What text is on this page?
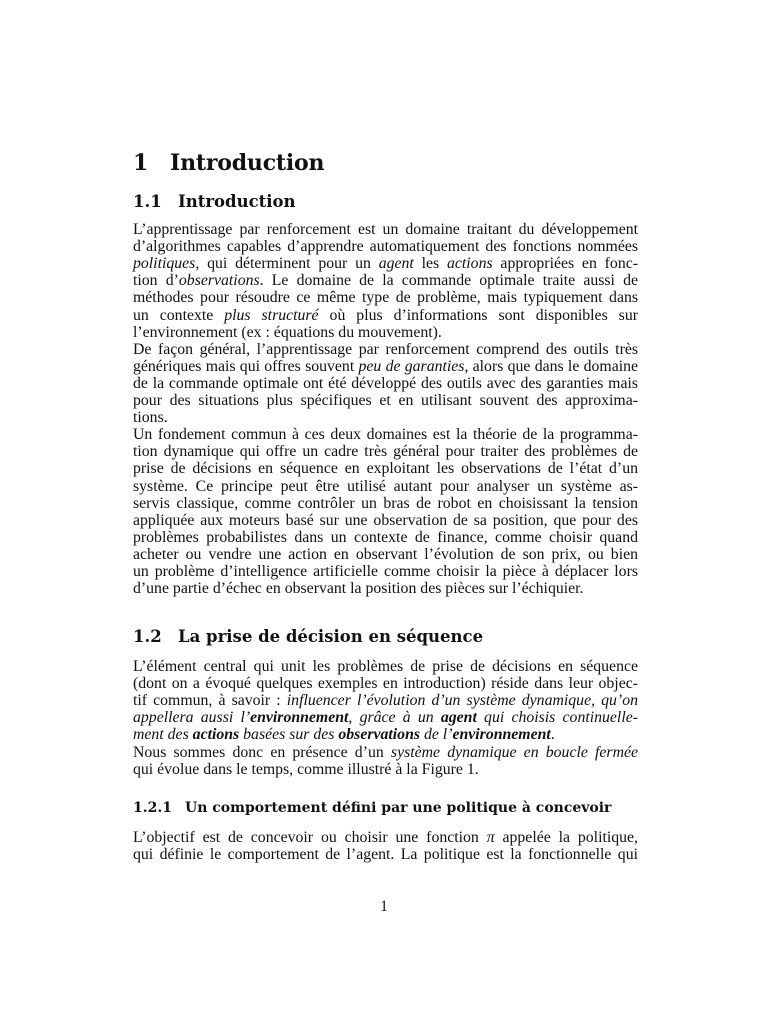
1 Introduction
1.1 Introduction
L’apprentissage par renforcement est un domaine traitant du développement
d’algorithmes capables d’apprendre automatiquement des fonctions nommées
politiques, qui déterminent pour un agent les actions appropriées en fonc-
tion d’observations. Le domaine de la commande optimale traite aussi de
méthodes pour résoudre ce même type de problème, mais typiquement dans
un contexte plus structuré où plus d’informations sont disponibles sur
l’environnement (ex : équations du mouvement).
De façon général, l’apprentissage par renforcement comprend des outils très
génériques mais qui offres souvent peu de garanties, alors que dans le domaine
de la commande optimale ont été développé des outils avec des garanties mais
pour des situations plus spécifiques et en utilisant souvent des approxima-
tions.
Un fondement commun à ces deux domaines est la théorie de la programma-
tion dynamique qui offre un cadre très général pour traiter des problèmes de
prise de décisions en séquence en exploitant les observations de l’état d’un
système. Ce principe peut être utilisé autant pour analyser un système as-
servis classique, comme contrôler un bras de robot en choisissant la tension
appliquée aux moteurs basé sur une observation de sa position, que pour des
problèmes probabilistes dans un contexte de finance, comme choisir quand
acheter ou vendre une action en observant l’évolution de son prix, ou bien
un problème d’intelligence artificielle comme choisir la pièce à déplacer lors
d’une partie d’échec en observant la position des pièces sur l’échiquier.
1.2 La prise de décision en séquence
L’élément central qui unit les problèmes de prise de décisions en séquence
(dont on a évoqué quelques exemples en introduction) réside dans leur objec-
tif commun, à savoir : influencer l’évolution d’un système dynamique, qu’on
appellera aussi l’environnement, grâce à un agent qui choisis continuelle-
ment des actions basées sur des observations de l’environnement.
Nous sommes donc en présence d’un système dynamique en boucle fermée
qui évolue dans le temps, comme illustré à la Figure 1.
1.2.1 Un comportement défini par une politique à concevoir
L’objectif est de concevoir ou choisir une fonction π appelée la politique,
qui définie le comportement de l’agent. La politique est la fonctionnelle qui
1
